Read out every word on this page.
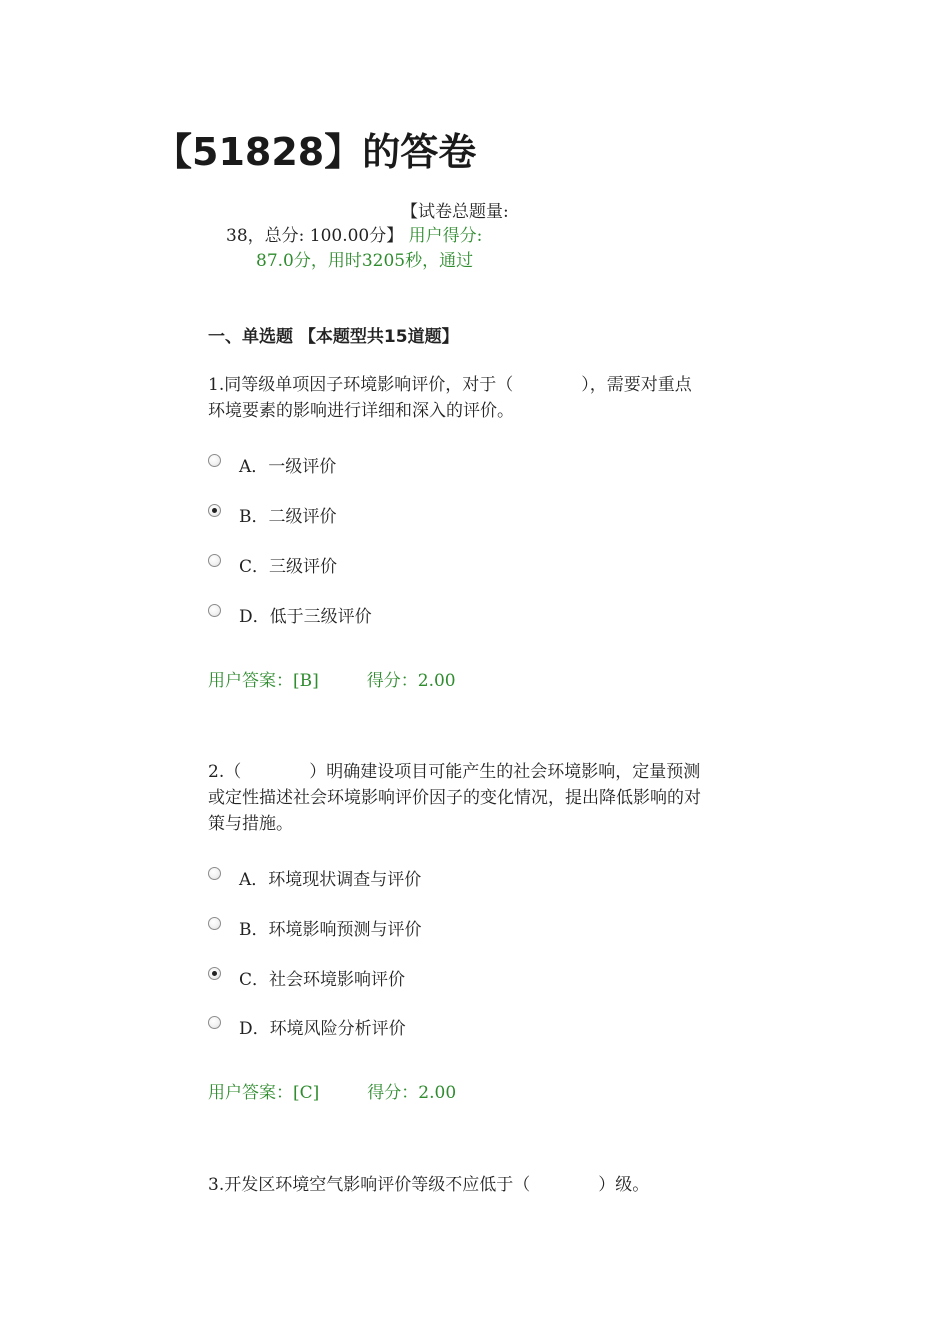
【51828】的答卷
【试卷总题量:
38，总分: 100.00分】 用户得分:
87.0分，用时3205秒，通过
一、单选题 【本题型共15道题】
1.同等级单项因子环境影响评价，对于（　　　　），需要对重点
环境要素的影响进行详细和深入的评价。
A．一级评价
B．二级评价
C．三级评价
D．低于三级评价
用户答案：[B]	得分：2.00
2.（　　　　）明确建设项目可能产生的社会环境影响，定量预测
或定性描述社会环境影响评价因子的变化情况，提出降低影响的对
策与措施。
A．环境现状调查与评价
B．环境影响预测与评价
C．社会环境影响评价
D．环境风险分析评价
用户答案：[C]	得分：2.00
3.开发区环境空气影响评价等级不应低于（　　　　）级。
